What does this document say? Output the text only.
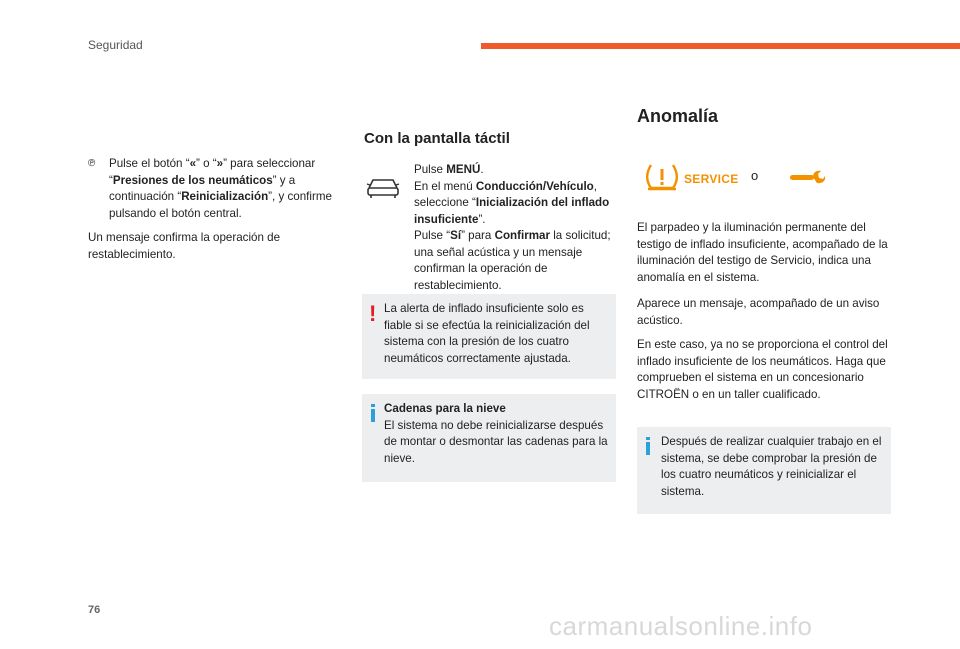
Seguridad
℗	Pulse el botón “«” o “»” para seleccionar “Presiones de los neumáticos” y a continuación “Reinicialización”, y confirme pulsando el botón central.
Un mensaje confirma la operación de restablecimiento.
Con la pantalla táctil
Pulse MENÚ.
En el menú Conducción/Vehículo,
seleccione “Inicialización del inflado insuficiente”.
Pulse “Sí” para Confirmar la solicitud; una señal acústica y un mensaje confirman la operación de restablecimiento.
! La alerta de inflado insuficiente solo es fiable si se efectúa la reinicialización del sistema con la presión de los cuatro neumáticos correctamente ajustada.
Cadenas para la nieve
El sistema no debe reinicializarse después de montar o desmontar las cadenas para la nieve.
Anomalía
SERVICE o
El parpadeo y la iluminación permanente del testigo de inflado insuficiente, acompañado de la iluminación del testigo de Servicio, indica una anomalía en el sistema.
Aparece un mensaje, acompañado de un aviso acústico.
En este caso, ya no se proporciona el control del inflado insuficiente de los neumáticos. Haga que comprueben el sistema en un concesionario CITROËN o en un taller cualificado.
Después de realizar cualquier trabajo en el sistema, se debe comprobar la presión de los cuatro neumáticos y reinicializar el sistema.
76
carmanualsonline.info
